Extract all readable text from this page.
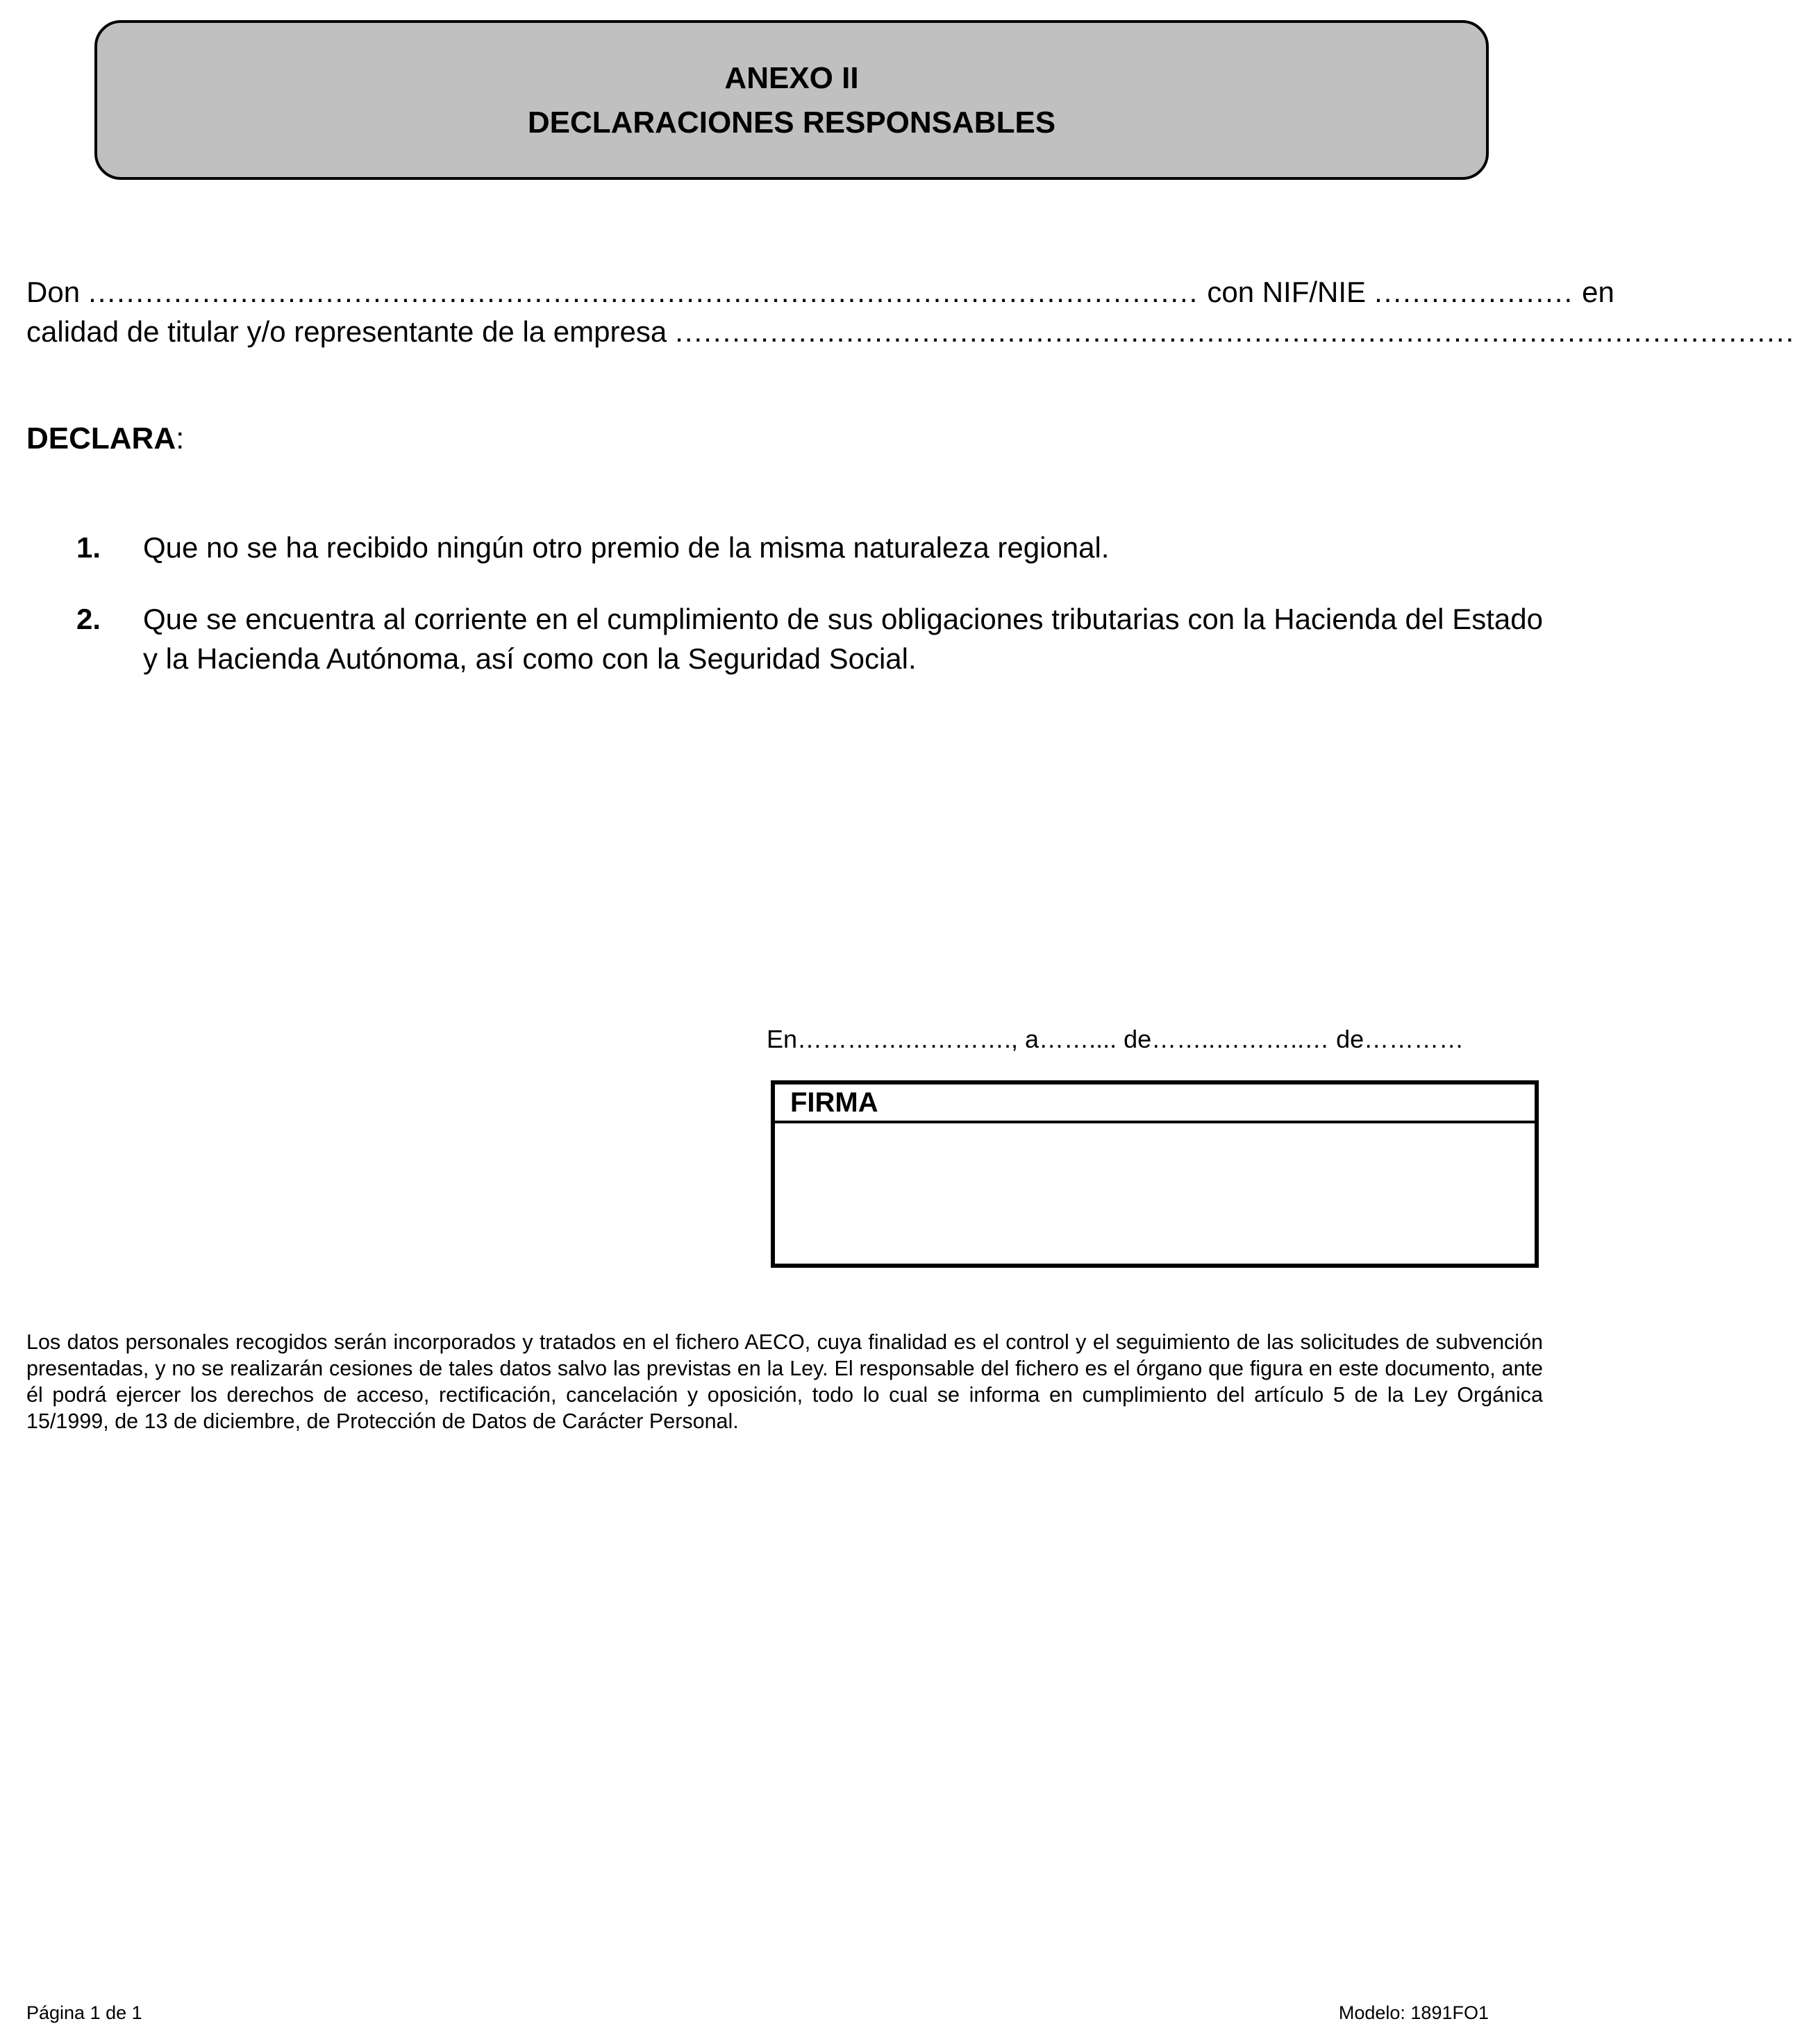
ANEXO II
DECLARACIONES RESPONSABLES
Don ..................................................................................................................... con NIF/NIE ..................... en
calidad de titular y/o representante de la empresa ......................................................................................................................
DECLARA:
1. Que no se ha recibido ningún otro premio de la misma naturaleza regional.
2. Que se encuentra al corriente en el cumplimiento de sus obligaciones tributarias con la Hacienda del Estado y la Hacienda Autónoma, así como con la Seguridad Social.
En………….…………., a…….... de……..………..… de…………
FIRMA
Los datos personales recogidos serán incorporados y tratados en el fichero AECO, cuya finalidad es el control y el seguimiento de las solicitudes de subvención presentadas, y no se realizarán cesiones de tales datos salvo las previstas en la Ley. El responsable del fichero es el órgano que figura en este documento, ante él podrá ejercer los derechos de acceso, rectificación, cancelación y oposición, todo lo cual se informa en cumplimiento del artículo 5 de la Ley Orgánica 15/1999, de 13 de diciembre, de Protección de Datos de Carácter Personal.
Página 1 de 1	Modelo: 1891FO1
